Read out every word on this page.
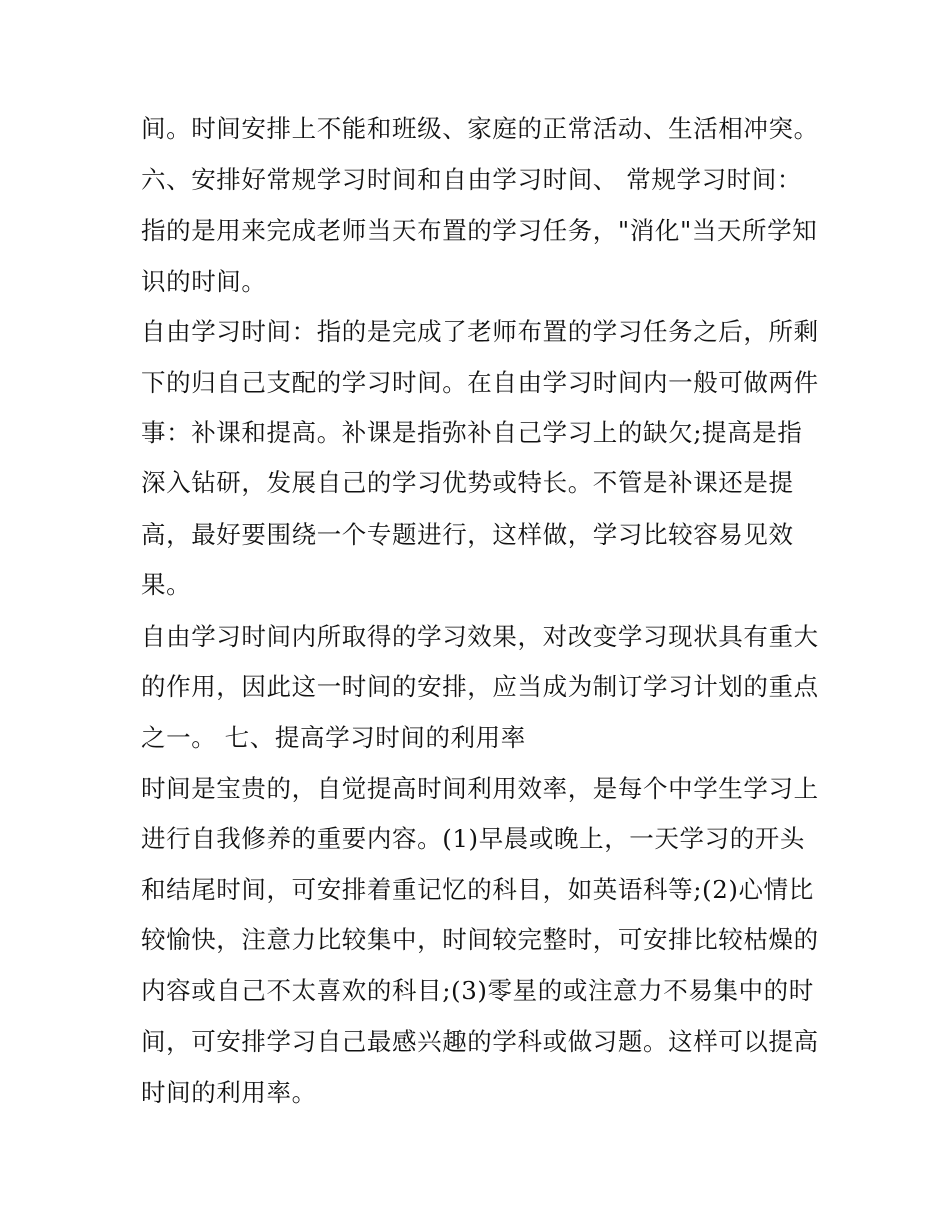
间。时间安排上不能和班级、家庭的正常活动、生活相冲突。
六、安排好常规学习时间和自由学习时间、 常规学习时间：
指的是用来完成老师当天布置的学习任务，"消化"当天所学知
识的时间。
自由学习时间：指的是完成了老师布置的学习任务之后，所剩
下的归自己支配的学习时间。在自由学习时间内一般可做两件
事：补课和提高。补课是指弥补自己学习上的缺欠;提高是指
深入钻研，发展自己的学习优势或特长。不管是补课还是提
高，最好要围绕一个专题进行，这样做，学习比较容易见效
果。
自由学习时间内所取得的学习效果，对改变学习现状具有重大
的作用，因此这一时间的安排，应当成为制订学习计划的重点
之一。 七、提高学习时间的利用率
时间是宝贵的，自觉提高时间利用效率，是每个中学生学习上
进行自我修养的重要内容。(1)早晨或晚上，一天学习的开头
和结尾时间，可安排着重记忆的科目，如英语科等;(2)心情比
较愉快，注意力比较集中，时间较完整时，可安排比较枯燥的
内容或自己不太喜欢的科目;(3)零星的或注意力不易集中的时
间，可安排学习自己最感兴趣的学科或做习题。这样可以提高
时间的利用率。
